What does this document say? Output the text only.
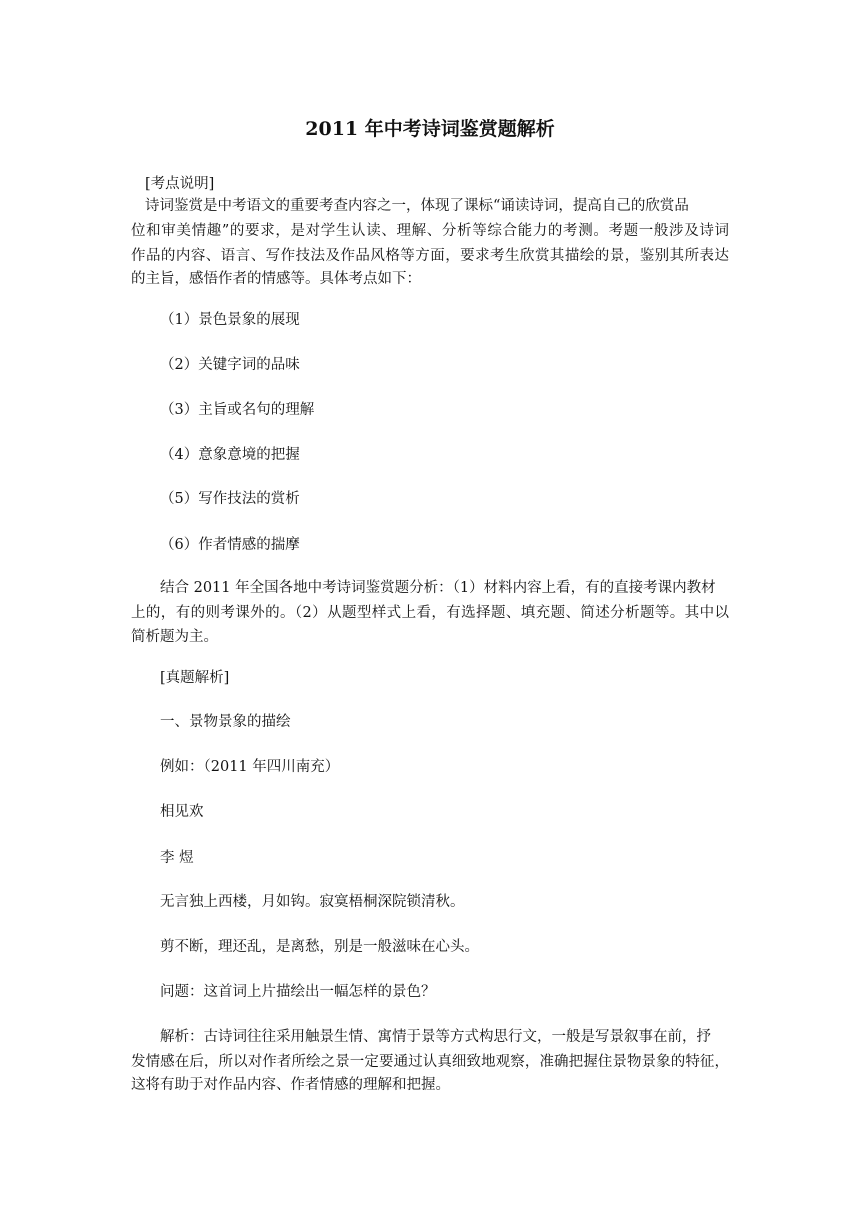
2011 年中考诗词鉴赏题解析

[考点说明]

诗词鉴赏是中考语文的重要考查内容之一，体现了课标“诵读诗词，提高自己的欣赏品

位和审美情趣”的要求，是对学生认读、理解、分析等综合能力的考测。考题一般涉及诗词

作品的内容、语言、写作技法及作品风格等方面，要求考生欣赏其描绘的景，鉴别其所表达

的主旨，感悟作者的情感等。具体考点如下：

（1）景色景象的展现

（2）关键字词的品味

（3）主旨或名句的理解

（4）意象意境的把握

（5）写作技法的赏析

（6）作者情感的揣摩

结合 2011 年全国各地中考诗词鉴赏题分析：（1）材料内容上看，有的直接考课内教材

上的，有的则考课外的。（2）从题型样式上看，有选择题、填充题、简述分析题等。其中以

简析题为主。

[真题解析]

一、景物景象的描绘

例如：（2011 年四川南充）

相见欢

李 煜

无言独上西楼，月如钩。寂寞梧桐深院锁清秋。

剪不断，理还乱，是离愁，别是一般滋味在心头。

问题：这首词上片描绘出一幅怎样的景色？

解析：古诗词往往采用触景生情、寓情于景等方式构思行文，一般是写景叙事在前，抒

发情感在后，所以对作者所绘之景一定要通过认真细致地观察，准确把握住景物景象的特征，

这将有助于对作品内容、作者情感的理解和把握。
